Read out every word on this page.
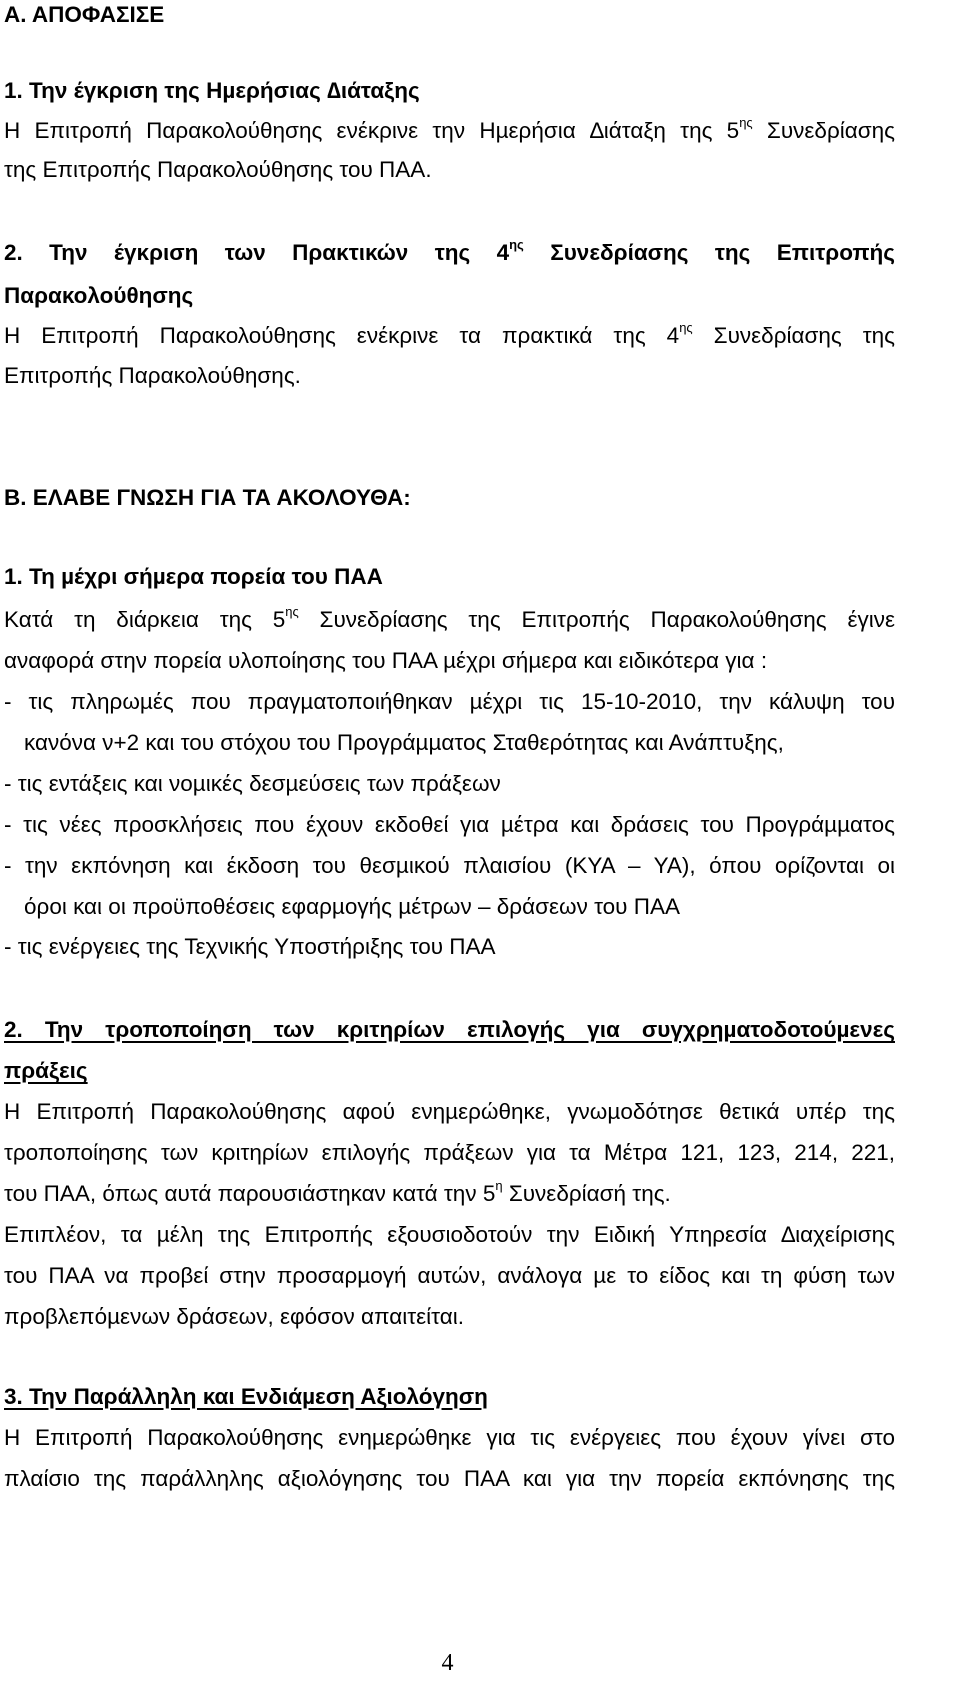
Α. ΑΠΟΦΑΣΙΣΕ
1. Την έγκριση της Ηµερήσιας ∆ιάταξης
Η Επιτροπή Παρακολούθησης ενέκρινε την Ηµερήσια ∆ιάταξη της $5^{\eta\varsigma}$ Συνεδρίασης
της Επιτροπής Παρακολούθησης του ΠΑΑ.
2. Την έγκριση των Πρακτικών της $4^{\eta\varsigma}$ Συνεδρίασης της Επιτροπής
Παρακολούθησης
Η Επιτροπή Παρακολούθησης ενέκρινε τα πρακτικά της $4^{\eta\varsigma}$ Συνεδρίασης της
Επιτροπής Παρακολούθησης.
Β. ΕΛΑΒΕ ΓΝΩΣΗ ΓΙΑ ΤΑ ΑΚΟΛΟΥΘΑ:
1. Τη µέχρι σήµερα πορεία του ΠΑΑ
Κατά τη διάρκεια της $5^{\eta\varsigma}$ Συνεδρίασης της Επιτροπής Παρακολούθησης έγινε
αναφορά στην πορεία υλοποίησης του ΠΑΑ µέχρι σήµερα και ειδικότερα για :
- τις πληρωµές που πραγµατοποιήθηκαν µέχρι τις 15-10-2010, την κάλυψη του
κανόνα ν+2 και του στόχου του Προγράµµατος Σταθερότητας και Ανάπτυξης,
- τις εντάξεις και νοµικές δεσµεύσεις των πράξεων
- τις νέες προσκλήσεις που έχουν εκδοθεί για µέτρα και δράσεις του Προγράµµατος
- την εκπόνηση και έκδοση του θεσµικού πλαισίου (ΚΥΑ – ΥΑ), όπου ορίζονται οι
όροι και οι προϋποθέσεις εφαρµογής µέτρων – δράσεων του ΠΑΑ
- τις ενέργειες της Τεχνικής Υποστήριξης του ΠΑΑ
2. Την τροποποίηση των κριτηρίων επιλογής για συγχρηµατοδοτούµενες
πράξεις
Η Επιτροπή Παρακολούθησης αφού ενηµερώθηκε, γνωµοδότησε θετικά υπέρ της
τροποποίησης των κριτηρίων επιλογής πράξεων για τα Μέτρα 121, 123, 214, 221,
του ΠΑΑ, όπως αυτά παρουσιάστηκαν κατά την $5^\eta$ Συνεδρίασή της.
Επιπλέον, τα µέλη της Επιτροπής εξουσιοδοτούν την Ειδική Υπηρεσία ∆ιαχείρισης
του ΠΑΑ να προβεί στην προσαρµογή αυτών, ανάλογα µε το είδος και τη φύση των
προβλεπόµενων δράσεων, εφόσον απαιτείται.
3. Την Παράλληλη και Ενδιάµεση Αξιολόγηση
Η Επιτροπή Παρακολούθησης ενηµερώθηκε για τις ενέργειες που έχουν γίνει στο
πλαίσιο της παράλληλης αξιολόγησης του ΠΑΑ και για την πορεία εκπόνησης της
4
